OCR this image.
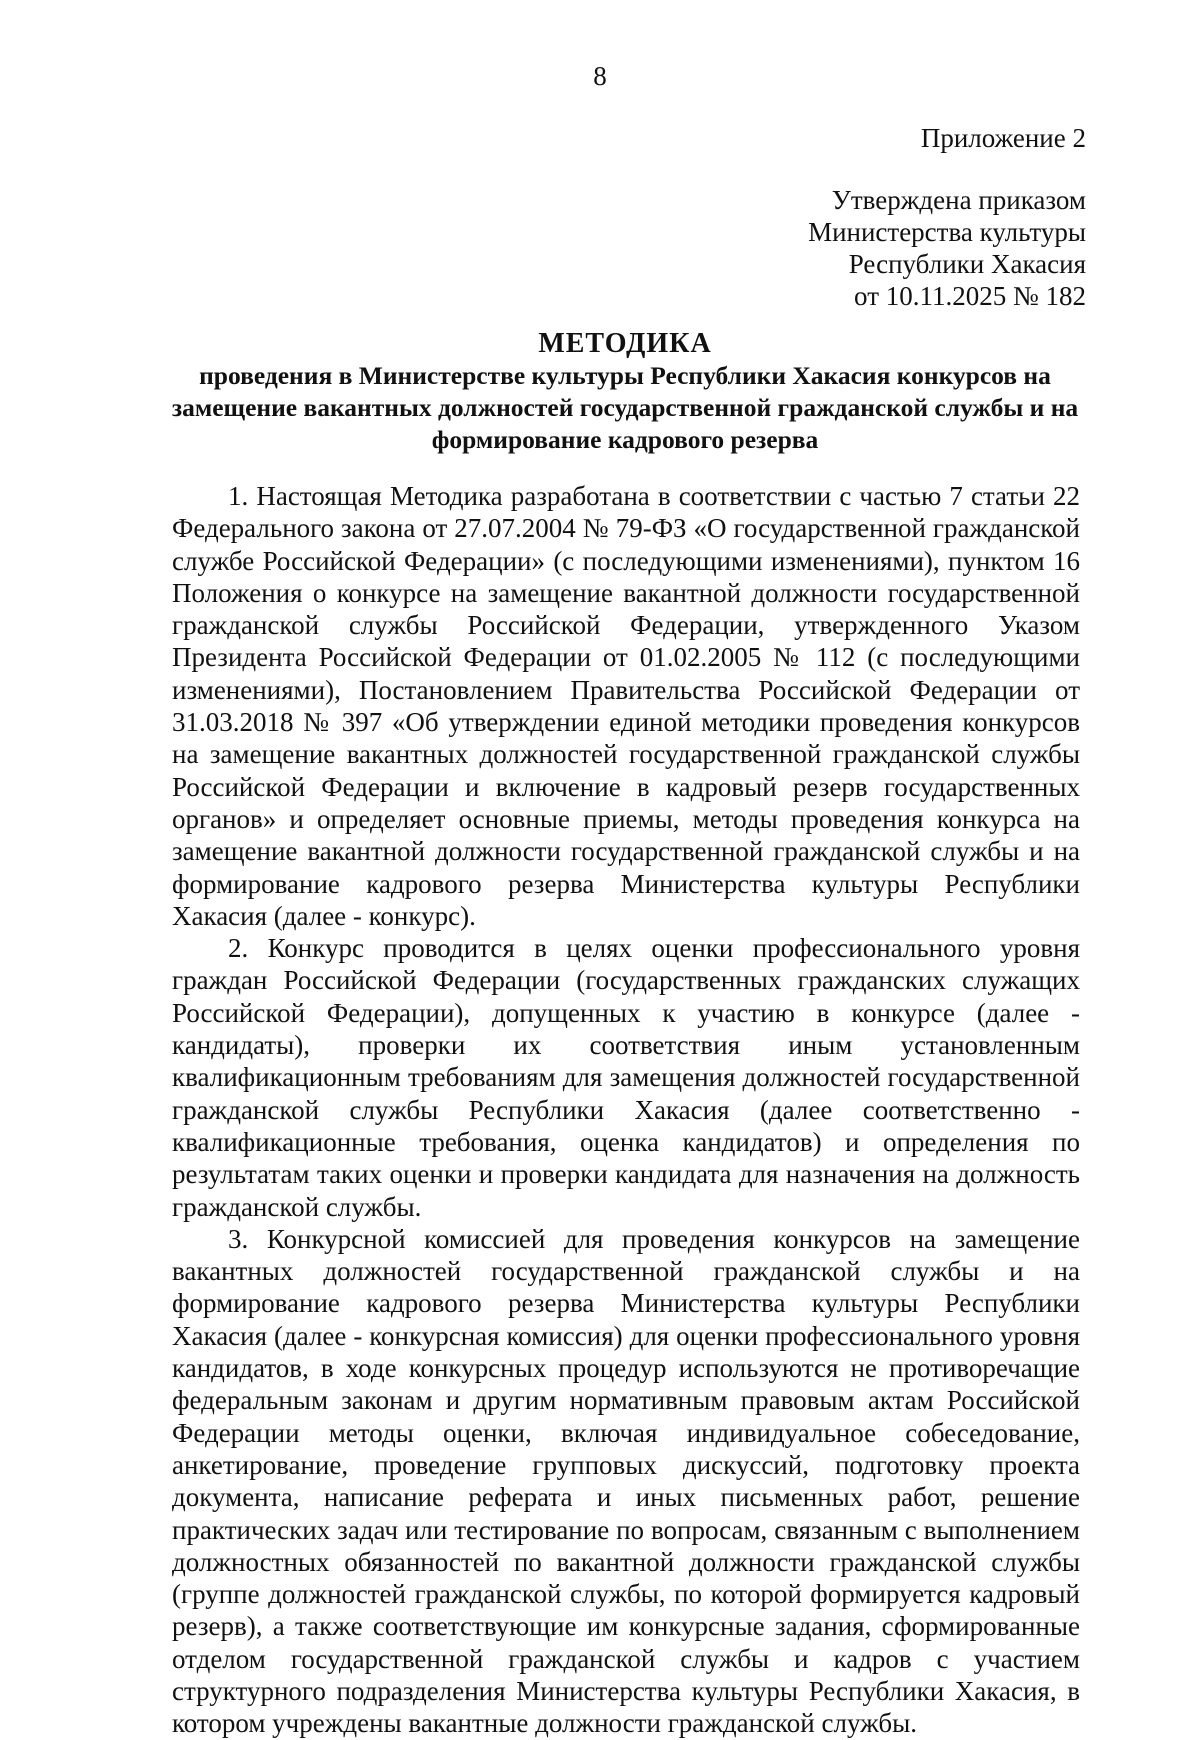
8
Приложение 2
Утверждена приказом
Министерства культуры
Республики Хакасия
от 10.11.2025 № 182
МЕТОДИКА
проведения в Министерстве культуры Республики Хакасия конкурсов на замещение вакантных должностей государственной гражданской службы и на формирование кадрового резерва

1. Настоящая Методика разработана в соответствии с частью 7 статьи 22 Федерального закона от 27.07.2004 № 79-ФЗ «О государственной гражданской службе Российской Федерации» (с последующими изменениями), пунктом 16 Положения о конкурсе на замещение вакантной должности государственной гражданской службы Российской Федерации, утвержденного Указом Президента Российской Федерации от 01.02.2005 № 112 (с последующими изменениями), Постановлением Правительства Российской Федерации от 31.03.2018 № 397 «Об утверждении единой методики проведения конкурсов на замещение вакантных должностей государственной гражданской службы Российской Федерации и включение в кадровый резерв государственных органов» и определяет основные приемы, методы проведения конкурса на замещение вакантной должности государственной гражданской службы и на формирование кадрового резерва Министерства культуры Республики Хакасия (далее - конкурс).

2. Конкурс проводится в целях оценки профессионального уровня граждан Российской Федерации (государственных гражданских служащих Российской Федерации), допущенных к участию в конкурсе (далее - кандидаты), проверки их соответствия иным установленным квалификационным требованиям для замещения должностей государственной гражданской службы Республики Хакасия (далее соответственно - квалификационные требования, оценка кандидатов) и определения по результатам таких оценки и проверки кандидата для назначения на должность гражданской службы.

3. Конкурсной комиссией для проведения конкурсов на замещение вакантных должностей государственной гражданской службы и на формирование кадрового резерва Министерства культуры Республики Хакасия (далее - конкурсная комиссия) для оценки профессионального уровня кандидатов, в ходе конкурсных процедур используются не противоречащие федеральным законам и другим нормативным правовым актам Российской Федерации методы оценки, включая индивидуальное собеседование, анкетирование, проведение групповых дискуссий, подготовку проекта документа, написание реферата и иных письменных работ, решение практических задач или тестирование по вопросам, связанным с выполнением должностных обязанностей по вакантной должности гражданской службы (группе должностей гражданской службы, по которой формируется кадровый резерв), а также соответствующие им конкурсные задания, сформированные отделом государственной гражданской службы и кадров с участием структурного подразделения Министерства культуры Республики Хакасия, в котором учреждены вакантные должности гражданской службы.
